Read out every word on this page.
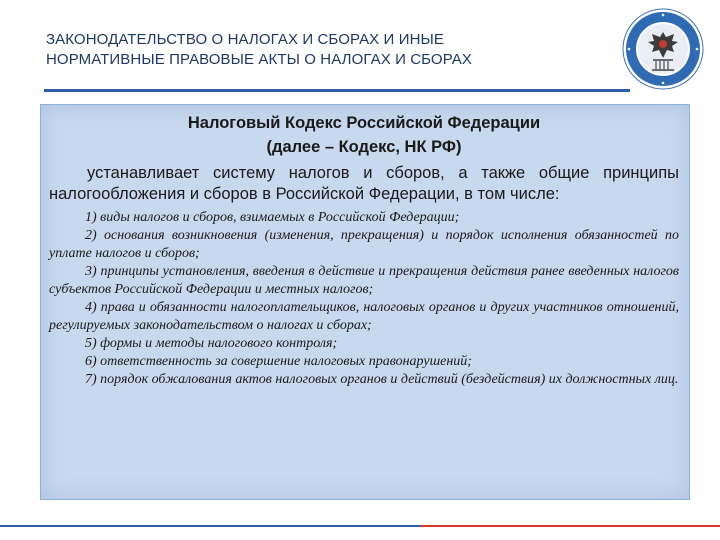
ЗАКОНОДАТЕЛЬСТВО О НАЛОГАХ И СБОРАХ И ИНЫЕ
НОРМАТИВНЫЕ ПРАВОВЫЕ АКТЫ О НАЛОГАХ И СБОРАХ

Налоговый Кодекс Российской Федерации

(далее – Кодекс, НК РФ)

устанавливает систему налогов и сборов, а также общие принципы налогообложения и сборов в Российской Федерации, в том числе:

1) виды налогов и сборов, взимаемых в Российской Федерации;
2) основания возникновения (изменения, прекращения) и порядок исполнения обязанностей по уплате налогов и сборов;
3) принципы установления, введения в действие и прекращения действия ранее введенных налогов субъектов Российской Федерации и местных налогов;
4) права и обязанности налогоплательщиков, налоговых органов и других участников отношений, регулируемых законодательством о налогах и сборах;
5) формы и методы налогового контроля;
6) ответственность за совершение налоговых правонарушений;
7) порядок обжалования актов налоговых органов и действий (бездействия) их должностных лиц.
